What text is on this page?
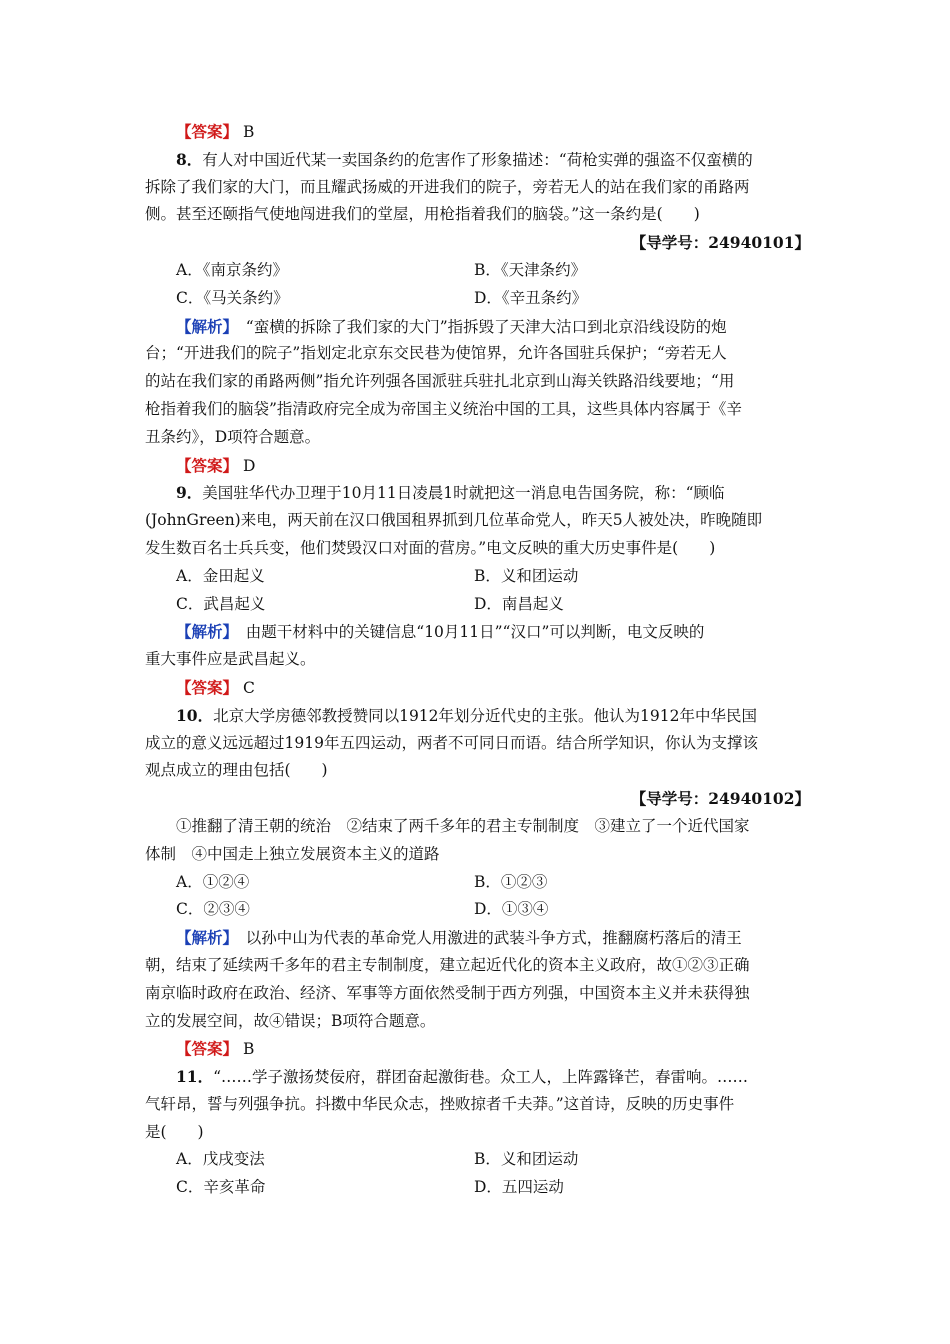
【答案】 B
8．有人对中国近代某一卖国条约的危害作了形象描述：“荷枪实弹的强盗不仅蛮横的
拆除了我们家的大门，而且耀武扬威的开进我们的院子，旁若无人的站在我们家的甬路两
侧。甚至还颐指气使地闯进我们的堂屋，用枪指着我们的脑袋。”这一条约是(　　)
【导学号：24940101】
A．《南京条约》	B．《天津条约》
C．《马关条约》	D．《辛丑条约》
【解析】　“蛮横的拆除了我们家的大门”指拆毁了天津大沽口到北京沿线设防的炮
台；“开进我们的院子”指划定北京东交民巷为使馆界，允许各国驻兵保护；“旁若无人
的站在我们家的甬路两侧”指允许列强各国派驻兵驻扎北京到山海关铁路沿线要地；“用
枪指着我们的脑袋”指清政府完全成为帝国主义统治中国的工具，这些具体内容属于《辛
丑条约》，D项符合题意。
【答案】 D
9．美国驻华代办卫理于10月11日凌晨1时就把这一消息电告国务院，称：“顾临
(JohnGreen)来电，两天前在汉口俄国租界抓到几位革命党人，昨天5人被处决，昨晚随即
发生数百名士兵兵变，他们焚毁汉口对面的营房。”电文反映的重大历史事件是(　　)
A．金田起义	B．义和团运动
C．武昌起义	D．南昌起义
【解析】　由题干材料中的关键信息“10月11日”“汉口”可以判断，电文反映的
重大事件应是武昌起义。
【答案】 C
10．北京大学房德邻教授赞同以1912年划分近代史的主张。他认为1912年中华民国
成立的意义远远超过1919年五四运动，两者不可同日而语。结合所学知识，你认为支撑该
观点成立的理由包括(　　)
【导学号：24940102】
①推翻了清王朝的统治　②结束了两千多年的君主专制制度　③建立了一个近代国家
体制　④中国走上独立发展资本主义的道路
A．①②④	B．①②③
C．②③④	D．①③④
【解析】　以孙中山为代表的革命党人用激进的武装斗争方式，推翻腐朽落后的清王
朝，结束了延续两千多年的君主专制制度，建立起近代化的资本主义政府，故①②③正确
南京临时政府在政治、经济、军事等方面依然受制于西方列强，中国资本主义并未获得独
立的发展空间，故④错误；B项符合题意。
【答案】 B
11．“……学子激扬焚佞府，群团奋起激街巷。众工人，上阵露锋芒，春雷响。……
气轩昂，誓与列强争抗。抖擞中华民众志，挫败掠者千夫莽。”这首诗，反映的历史事件
是(　　)
A．戊戌变法	B．义和团运动
C．辛亥革命	D．五四运动
